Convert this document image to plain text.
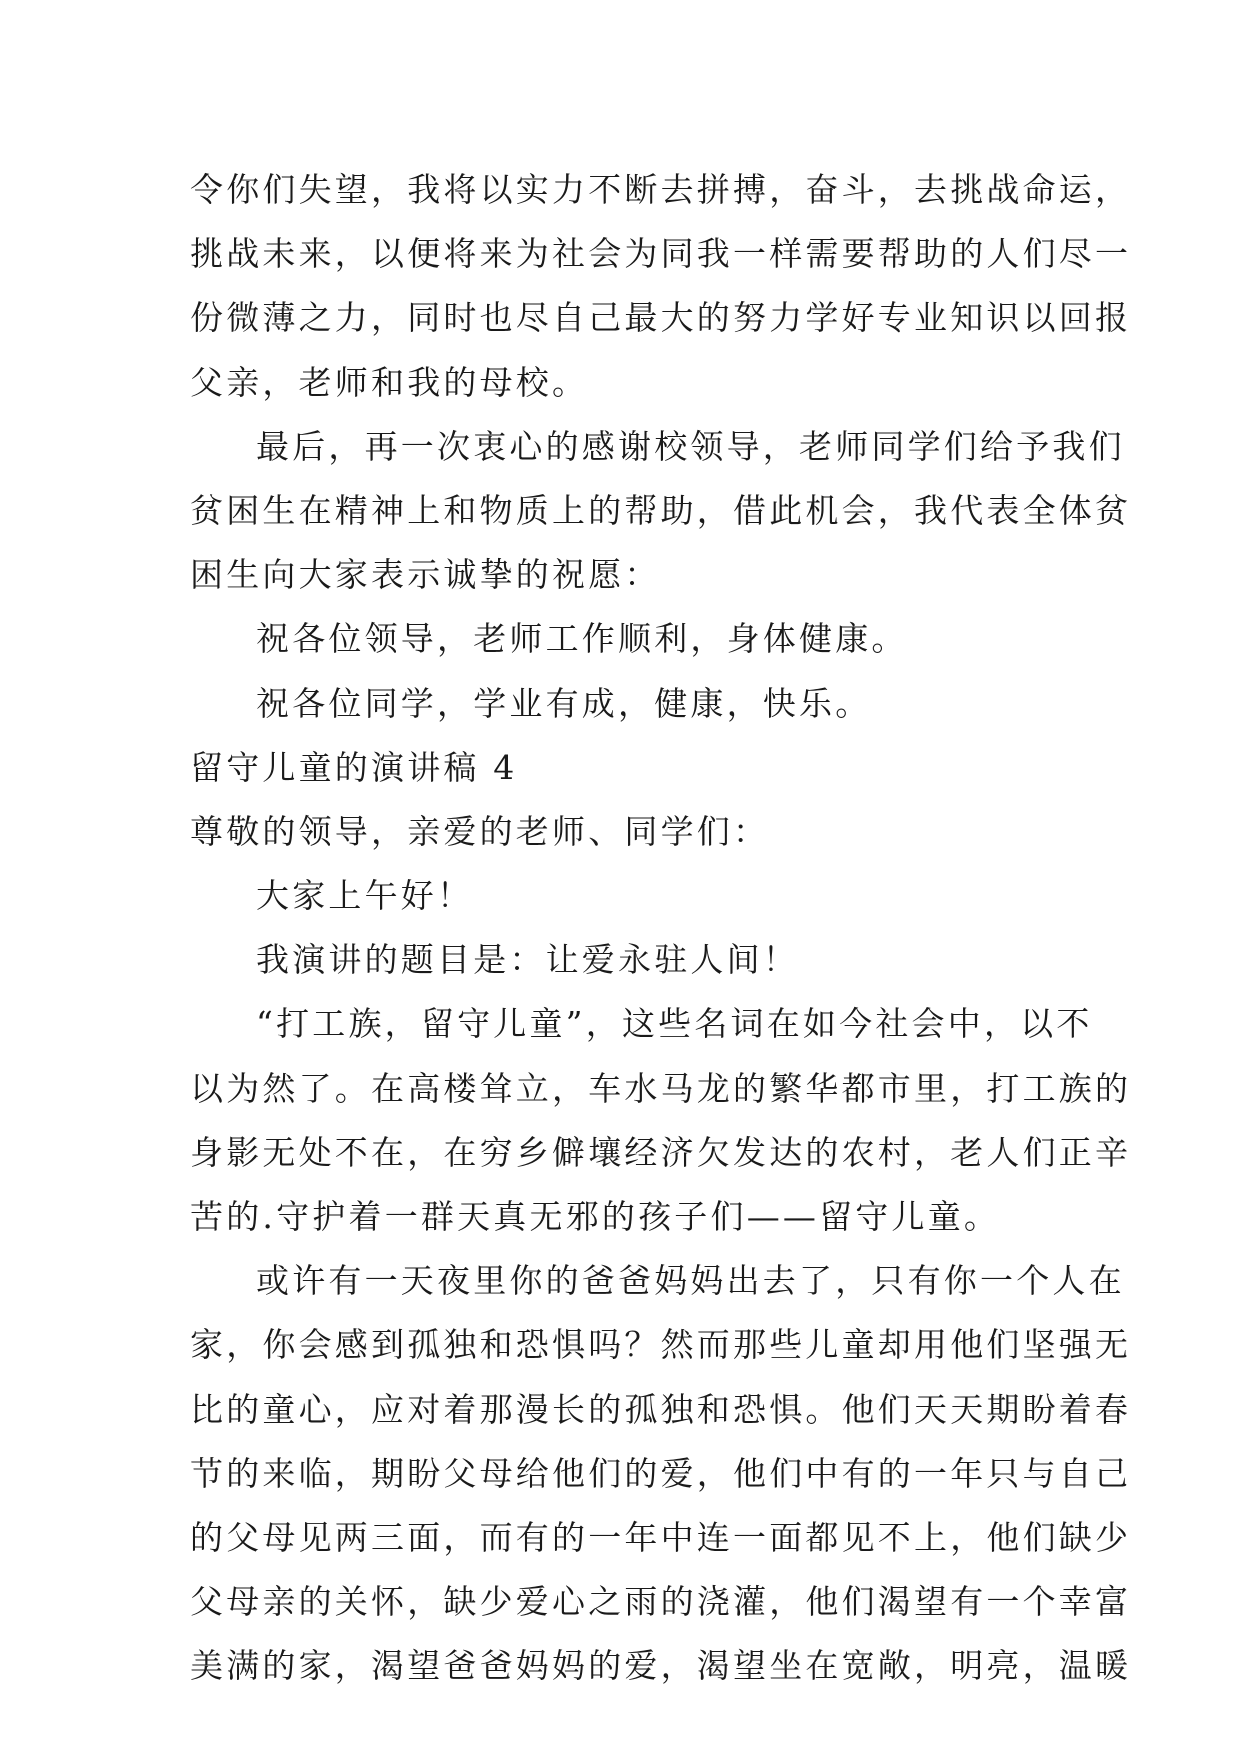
令你们失望，我将以实力不断去拼搏，奋斗，去挑战命运，
挑战未来，以便将来为社会为同我一样需要帮助的人们尽一
份微薄之力，同时也尽自己最大的努力学好专业知识以回报
父亲，老师和我的母校。
最后，再一次衷心的感谢校领导，老师同学们给予我们
贫困生在精神上和物质上的帮助，借此机会，我代表全体贫
困生向大家表示诚挚的祝愿：
祝各位领导，老师工作顺利，身体健康。
祝各位同学，学业有成，健康，快乐。
留守儿童的演讲稿 4
尊敬的领导，亲爱的老师、同学们：
大家上午好！
我演讲的题目是：让爱永驻人间！
“打工族，留守儿童”，这些名词在如今社会中，以不
以为然了。在高楼耸立，车水马龙的繁华都市里，打工族的
身影无处不在，在穷乡僻壤经济欠发达的农村，老人们正辛
苦的.守护着一群天真无邪的孩子们——留守儿童。
或许有一天夜里你的爸爸妈妈出去了，只有你一个人在
家，你会感到孤独和恐惧吗？然而那些儿童却用他们坚强无
比的童心，应对着那漫长的孤独和恐惧。他们天天期盼着春
节的来临，期盼父母给他们的爱，他们中有的一年只与自己
的父母见两三面，而有的一年中连一面都见不上，他们缺少
父母亲的关怀，缺少爱心之雨的浇灌，他们渴望有一个幸富
美满的家，渴望爸爸妈妈的爱，渴望坐在宽敞，明亮，温暖
